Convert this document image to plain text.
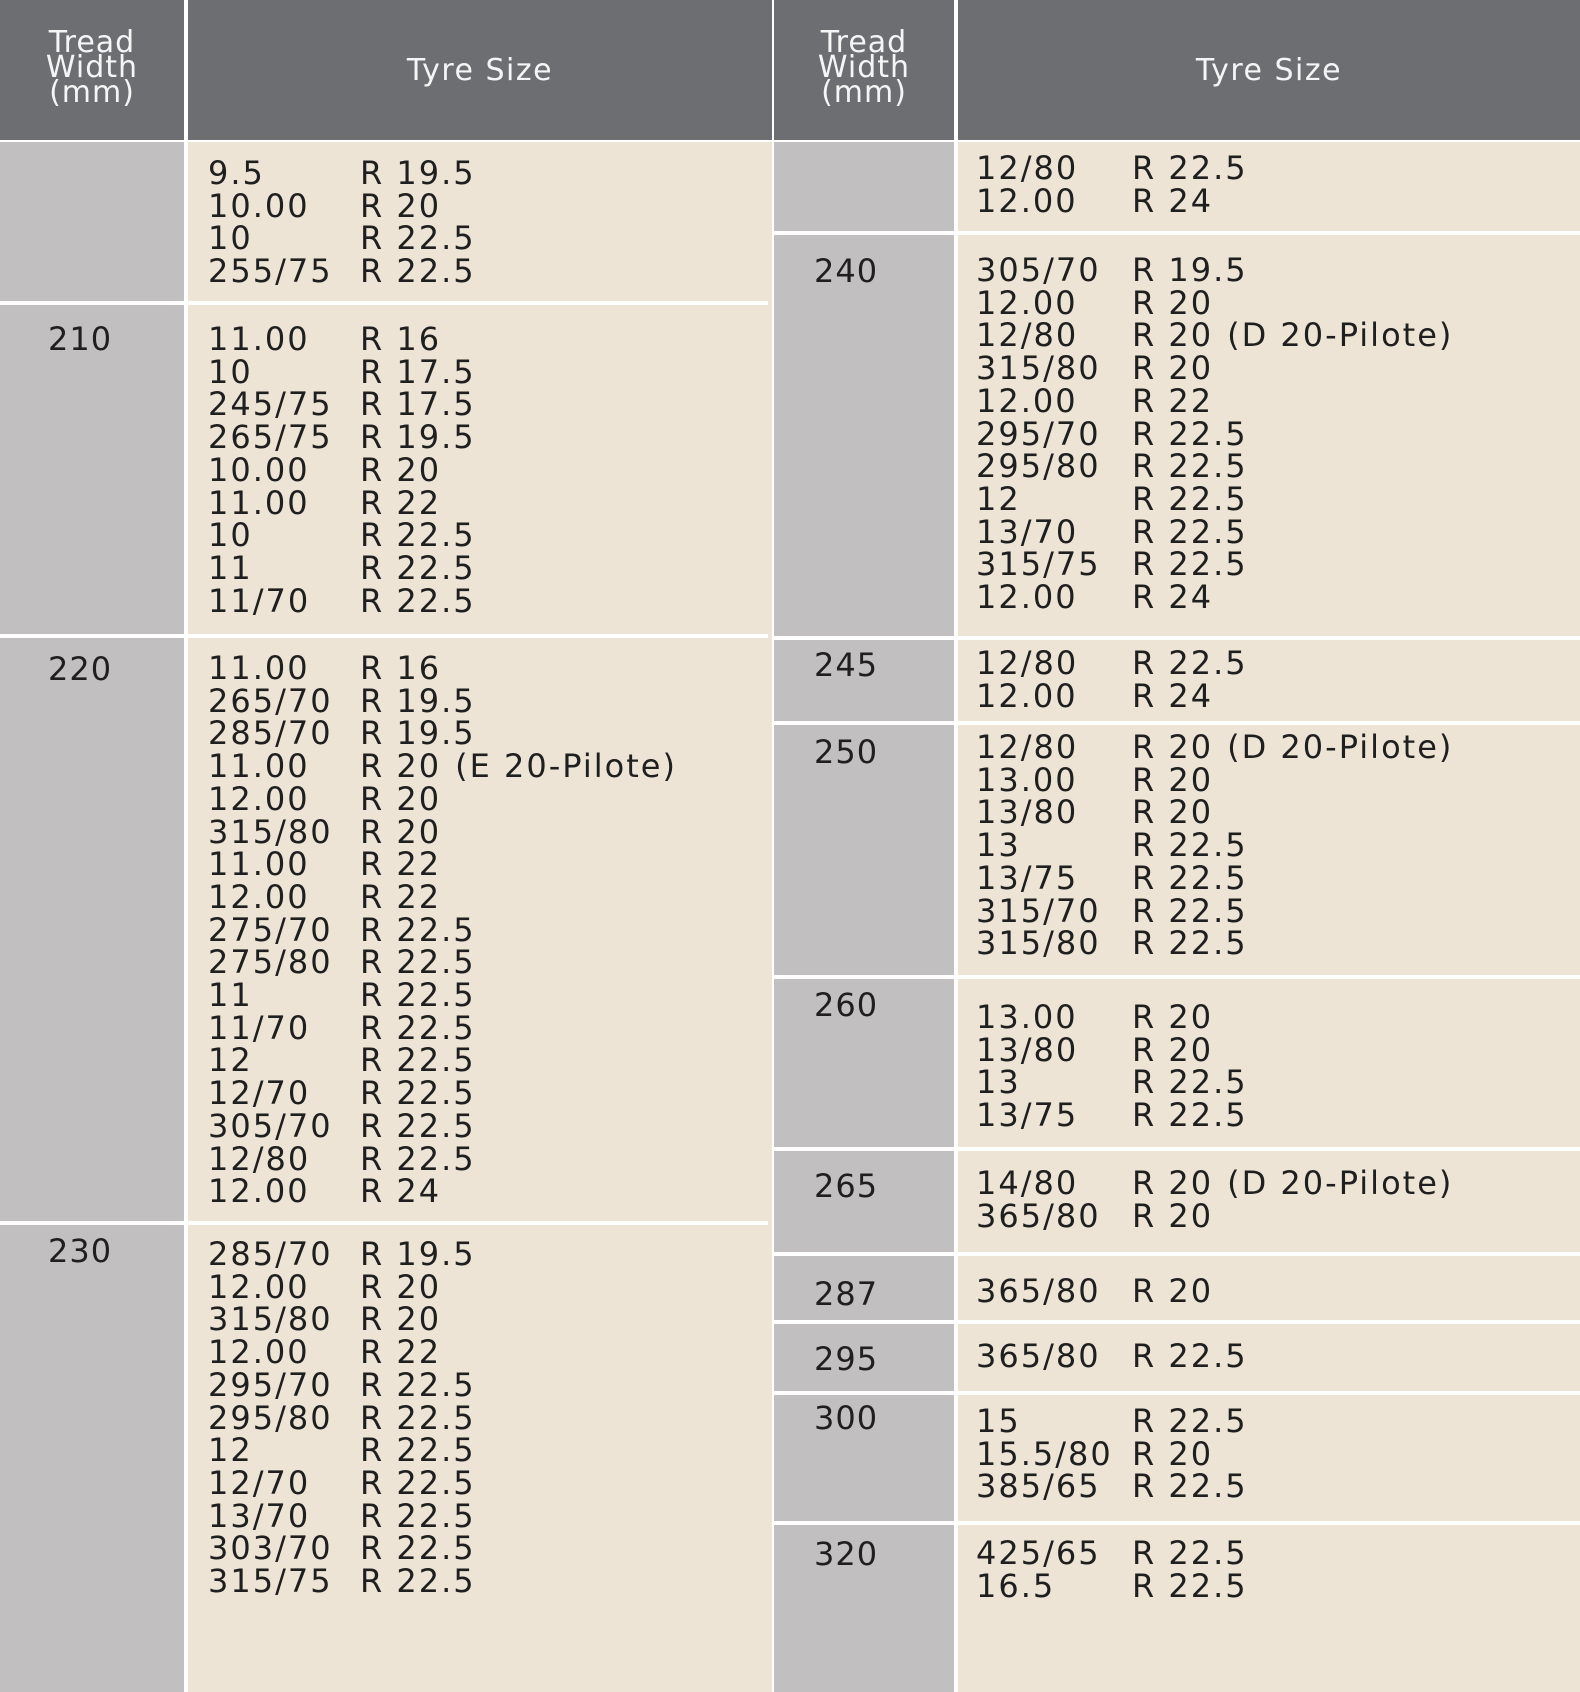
Tread
Width
(mm)
Tyre Size
9.5	R 19.5
10.00 R 20
10	R 22.5
255/75 R 22.5
210	11.00 R 16
10	R 17.5
245/75 R 17.5
265/75 R 19.5
10.00 R 20
11.00 R 22
10	R 22.5
11	R 22.5
11/70 R 22.5
220	11.00 R 16
265/70 R 19.5
285/70 R 19.5
11.00 R 20 (E 20-Pilote)
12.00 R 20
315/80 R 20
11.00 R 22
12.00 R 22
275/70 R 22.5
275/80 R 22.5
11	R 22.5
11/70 R 22.5
12	R 22.5
12/70 R 22.5
305/70 R 22.5
12/80 R 22.5
12.00 R 24
230	285/70 R 19.5
12.00 R 20
315/80 R 20
12.00 R 22
295/70 R 22.5
295/80 R 22.5
12	R 22.5
12/70 R 22.5
13/70 R 22.5
303/70 R 22.5
315/75 R 22.5
Tread
Width
(mm)
Tyre Size
12/80 R 22.5
12.00 R 24
240	305/70 R 19.5
12.00 R 20
12/80 R 20 (D 20-Pilote)
315/80 R 20
12.00 R 22
295/70 R 22.5
295/80 R 22.5
12	R 22.5
13/70 R 22.5
315/75 R 22.5
12.00 R 24
245	12/80 R 22.5
12.00 R 24
250	12/80 R 20 (D 20-Pilote)
13.00 R 20
13/80 R 20
13	R 22.5
13/75 R 22.5
315/70 R 22.5
315/80 R 22.5
260	13.00 R 20
13/80 R 20
13	R 22.5
13/75 R 22.5
265	14/80 R 20 (D 20-Pilote)
365/80 R 20
287	365/80 R 20
295	365/80 R 22.5
300	15	R 22.5
15.5/80 R 20
385/65 R 22.5
320	425/65 R 22.5
16.5 R 22.5
